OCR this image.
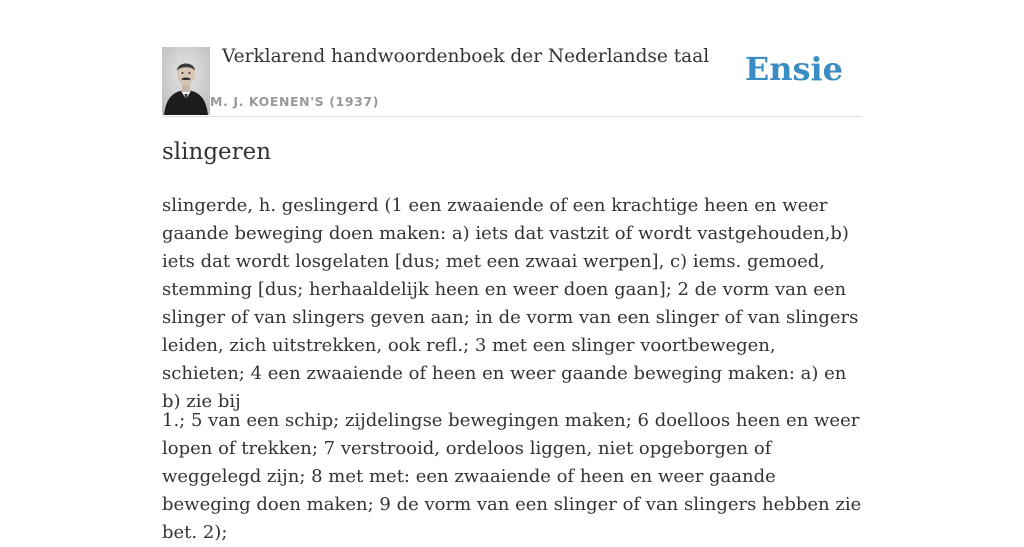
Verklarend handwoordenboek der Nederlandse taal
M. J. KOENEN'S (1937)
Ensie
slingeren

slingerde, h. geslingerd (1 een zwaaiende of een krachtige heen en weer gaande beweging doen maken: a) iets dat vastzit of wordt vastgehouden,b) iets dat wordt losgelaten [dus; met een zwaai werpen], c) iems. gemoed, stemming [dus; herhaaldelijk heen en weer doen gaan]; 2 de vorm van een slinger of van slingers geven aan; in de vorm van een slinger of van slingers leiden, zich uitstrekken, ook refl.; 3 met een slinger voortbewegen, schieten; 4 een zwaaiende of heen en weer gaande beweging maken: a) en b) zie bij

1.; 5 van een schip; zijdelingse bewegingen maken; 6 doelloos heen en weer lopen of trekken; 7 verstrooid, ordeloos liggen, niet opgeborgen of weggelegd zijn; 8 met met: een zwaaiende of heen en weer gaande beweging doen maken; 9 de vorm van een slinger of van slingers hebben zie bet. 2);
